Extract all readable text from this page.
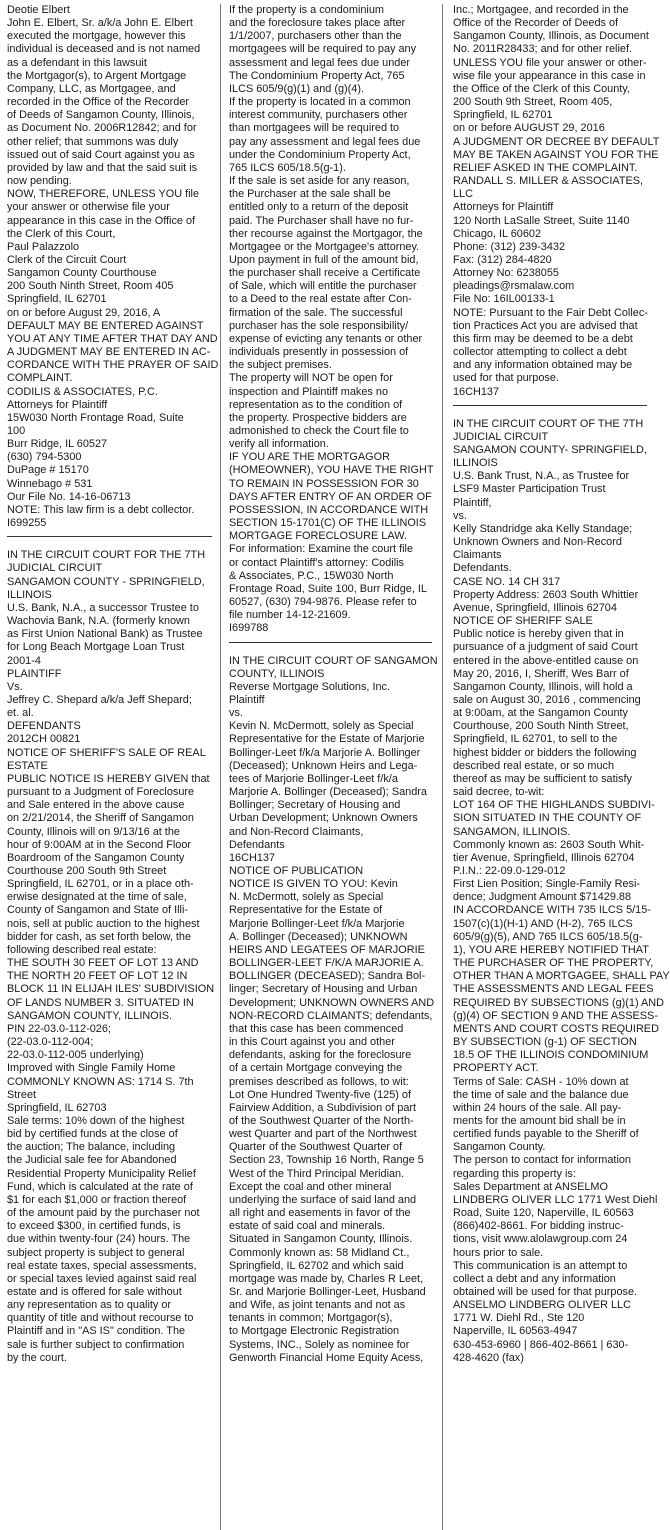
Deotie Elbert
John E. Elbert, Sr. a/k/a John E. Elbert
executed the mortgage, however this
individual is deceased and is not named
as a defendant in this lawsuit
the Mortgagor(s), to Argent Mortgage
Company, LLC, as Mortgagee, and
recorded in the Office of the Recorder
of Deeds of Sangamon County, Illinois,
as Document No. 2006R12842; and for
other relief; that summons was duly
issued out of said Court against you as
provided by law and that the said suit is
now pending.
NOW, THEREFORE, UNLESS YOU file
your answer or otherwise file your
appearance in this case in the Office of
the Clerk of this Court,
Paul Palazzolo
Clerk of the Circuit Court
Sangamon County Courthouse
200 South Ninth Street, Room 405
Springfield, IL 62701
on or before August 29, 2016, A
DEFAULT MAY BE ENTERED AGAINST
YOU AT ANY TIME AFTER THAT DAY AND
A JUDGMENT MAY BE ENTERED IN AC-
CORDANCE WITH THE PRAYER OF SAID
COMPLAINT.
CODILIS & ASSOCIATES, P.C.
Attorneys for Plaintiff
15W030 North Frontage Road, Suite
100
Burr Ridge, IL 60527
(630) 794-5300
DuPage # 15170
Winnebago # 531
Our File No. 14-16-06713
NOTE: This law firm is a debt collector.
I699255
IN THE CIRCUIT COURT FOR THE 7TH
JUDICIAL CIRCUIT
SANGAMON COUNTY - SPRINGFIELD,
ILLINOIS
U.S. Bank, N.A., a successor Trustee to
Wachovia Bank, N.A. (formerly known
as First Union National Bank) as Trustee
for Long Beach Mortgage Loan Trust
2001-4
PLAINTIFF
Vs.
Jeffrey C. Shepard a/k/a Jeff Shepard;
et. al.
DEFENDANTS
2012CH 00821
NOTICE OF SHERIFF'S SALE OF REAL
ESTATE
PUBLIC NOTICE IS HEREBY GIVEN that
pursuant to a Judgment of Foreclosure
and Sale entered in the above cause
on 2/21/2014, the Sheriff of Sangamon
County, Illinois will on 9/13/16 at the
hour of 9:00AM at in the Second Floor
Boardroom of the Sangamon County
Courthouse 200 South 9th Street
Springfield, IL 62701, or in a place oth-
erwise designated at the time of sale,
County of Sangamon and State of Illi-
nois, sell at public auction to the highest
bidder for cash, as set forth below, the
following described real estate:
THE SOUTH 30 FEET OF LOT 13 AND
THE NORTH 20 FEET OF LOT 12 IN
BLOCK 11 IN ELIJAH ILES' SUBDIVISION
OF LANDS NUMBER 3. SITUATED IN
SANGAMON COUNTY, ILLINOIS.
PIN 22-03.0-112-026;
(22-03.0-112-004;
22-03.0-112-005 underlying)
Improved with Single Family Home
COMMONLY KNOWN AS: 1714 S. 7th
Street
Springfield, IL 62703
Sale terms: 10% down of the highest
bid by certified funds at the close of
the auction; The balance, including
the Judicial sale fee for Abandoned
Residential Property Municipality Relief
Fund, which is calculated at the rate of
$1 for each $1,000 or fraction thereof
of the amount paid by the purchaser not
to exceed $300, in certified funds, is
due within twenty-four (24) hours. The
subject property is subject to general
real estate taxes, special assessments,
or special taxes levied against said real
estate and is offered for sale without
any representation as to quality or
quantity of title and without recourse to
Plaintiff and in "AS IS" condition. The
sale is further subject to confirmation
by the court.
If the property is a condominium
and the foreclosure takes place after
1/1/2007, purchasers other than the
mortgagees will be required to pay any
assessment and legal fees due under
The Condominium Property Act, 765
ILCS 605/9(g)(1) and (g)(4).
If the property is located in a common
interest community, purchasers other
than mortgagees will be required to
pay any assessment and legal fees due
under the Condominium Property Act,
765 ILCS 605/18.5(g-1).
If the sale is set aside for any reason,
the Purchaser at the sale shall be
entitled only to a return of the deposit
paid. The Purchaser shall have no fur-
ther recourse against the Mortgagor, the
Mortgagee or the Mortgagee's attorney.
Upon payment in full of the amount bid,
the purchaser shall receive a Certificate
of Sale, which will entitle the purchaser
to a Deed to the real estate after Con-
firmation of the sale. The successful
purchaser has the sole responsibility/
expense of evicting any tenants or other
individuals presently in possession of
the subject premises.
The property will NOT be open for
inspection and Plaintiff makes no
representation as to the condition of
the property. Prospective bidders are
admonished to check the Court file to
verify all information.
IF YOU ARE THE MORTGAGOR
(HOMEOWNER), YOU HAVE THE RIGHT
TO REMAIN IN POSSESSION FOR 30
DAYS AFTER ENTRY OF AN ORDER OF
POSSESSION, IN ACCORDANCE WITH
SECTION 15-1701(C) OF THE ILLINOIS
MORTGAGE FORECLOSURE LAW.
For information: Examine the court file
or contact Plaintiff's attorney: Codilis
& Associates, P.C., 15W030 North
Frontage Road, Suite 100, Burr Ridge, IL
60527, (630) 794-9876. Please refer to
file number 14-12-21609.
I699788
IN THE CIRCUIT COURT OF SANGAMON
COUNTY, ILLINOIS
Reverse Mortgage Solutions, Inc.
Plaintiff
vs.
Kevin N. McDermott, solely as Special
Representative for the Estate of Marjorie
Bollinger-Leet f/k/a Marjorie A. Bollinger
(Deceased); Unknown Heirs and Lega-
tees of Marjorie Bollinger-Leet f/k/a
Marjorie A. Bollinger (Deceased); Sandra
Bollinger; Secretary of Housing and
Urban Development; Unknown Owners
and Non-Record Claimants,
Defendants
16CH137
NOTICE OF PUBLICATION
NOTICE IS GIVEN TO YOU: Kevin
N. McDermott, solely as Special
Representative for the Estate of
Marjorie Bollinger-Leet f/k/a Marjorie
A. Bollinger (Deceased); UNKNOWN
HEIRS AND LEGATEES OF MARJORIE
BOLLINGER-LEET F/K/A MARJORIE A.
BOLLINGER (DECEASED); Sandra Bol-
linger; Secretary of Housing and Urban
Development; UNKNOWN OWNERS AND
NON-RECORD CLAIMANTS; defendants,
that this case has been commenced
in this Court against you and other
defendants, asking for the foreclosure
of a certain Mortgage conveying the
premises described as follows, to wit:
Lot One Hundred Twenty-five (125) of
Fairview Addition, a Subdivision of part
of the Southwest Quarter of the North-
west Quarter and part of the Northwest
Quarter of the Southwest Quarter of
Section 23, Township 16 North, Range 5
West of the Third Principal Meridian.
Except the coal and other mineral
underlying the surface of said land and
all right and easements in favor of the
estate of said coal and minerals.
Situated in Sangamon County, Illinois.
Commonly known as: 58 Midland Ct.,
Springfield, IL 62702 and which said
mortgage was made by, Charles R Leet,
Sr. and Marjorie Bollinger-Leet, Husband
and Wife, as joint tenants and not as
tenants in common; Mortgagor(s),
to Mortgage Electronic Registration
Systems, INC., Solely as nominee for
Genworth Financial Home Equity Acess,
Inc.; Mortgagee, and recorded in the
Office of the Recorder of Deeds of
Sangamon County, Illinois, as Document
No. 2011R28433; and for other relief.
UNLESS YOU file your answer or other-
wise file your appearance in this case in
the Office of the Clerk of this County,
200 South 9th Street, Room 405,
Springfield, IL 62701
on or before AUGUST 29, 2016
A JUDGMENT OR DECREE BY DEFAULT
MAY BE TAKEN AGAINST YOU FOR THE
RELIEF ASKED IN THE COMPLAINT.
RANDALL S. MILLER & ASSOCIATES,
LLC
Attorneys for Plaintiff
120 North LaSalle Street, Suite 1140
Chicago, IL 60602
Phone: (312) 239-3432
Fax: (312) 284-4820
Attorney No: 6238055
pleadings@rsmalaw.com
File No: 16IL00133-1
NOTE: Pursuant to the Fair Debt Collec-
tion Practices Act you are advised that
this firm may be deemed to be a debt
collector attempting to collect a debt
and any information obtained may be
used for that purpose.
16CH137
IN THE CIRCUIT COURT OF THE 7TH
JUDICIAL CIRCUIT
SANGAMON COUNTY- SPRINGFIELD,
ILLINOIS
U.S. Bank Trust, N.A., as Trustee for
LSF9 Master Participation Trust
Plaintiff,
vs.
Kelly Standridge aka Kelly Standage;
Unknown Owners and Non-Record
Claimants
Defendants.
CASE NO. 14 CH 317
Property Address: 2603 South Whittier
Avenue, Springfield, Illinois 62704
NOTICE OF SHERIFF SALE
Public notice is hereby given that in
pursuance of a judgment of said Court
entered in the above-entitled cause on
May 20, 2016, I, Sheriff, Wes Barr of
Sangamon County, Illinois, will hold a
sale on August 30, 2016 , commencing
at 9:00am, at the Sangamon County
Courthouse, 200 South Ninth Street,
Springfield, IL 62701, to sell to the
highest bidder or bidders the following
described real estate, or so much
thereof as may be sufficient to satisfy
said decree, to-wit:
LOT 164 OF THE HIGHLANDS SUBDIVI-
SION SITUATED IN THE COUNTY OF
SANGAMON, ILLINOIS.
Commonly known as: 2603 South Whit-
tier Avenue, Springfield, Illinois 62704
P.I.N.: 22-09.0-129-012
First Lien Position; Single-Family Resi-
dence; Judgment Amount $71429.88
IN ACCORDANCE WITH 735 ILCS 5/15-
1507(c)(1)(H-1) AND (H-2), 765 ILCS
605/9(g)(5), AND 765 ILCS 605/18.5(g-
1), YOU ARE HEREBY NOTIFIED THAT
THE PURCHASER OF THE PROPERTY,
OTHER THAN A MORTGAGEE, SHALL PAY
THE ASSESSMENTS AND LEGAL FEES
REQUIRED BY SUBSECTIONS (g)(1) AND
(g)(4) OF SECTION 9 AND THE ASSESS-
MENTS AND COURT COSTS REQUIRED
BY SUBSECTION (g-1) OF SECTION
18.5 OF THE ILLINOIS CONDOMINIUM
PROPERTY ACT.
Terms of Sale: CASH - 10% down at
the time of sale and the balance due
within 24 hours of the sale. All pay-
ments for the amount bid shall be in
certified funds payable to the Sheriff of
Sangamon County.
The person to contact for information
regarding this property is:
Sales Department at ANSELMO
LINDBERG OLIVER LLC 1771 West Diehl
Road, Suite 120, Naperville, IL 60563
(866)402-8661. For bidding instruc-
tions, visit www.alolawgroup.com 24
hours prior to sale.
This communication is an attempt to
collect a debt and any information
obtained will be used for that purpose.
ANSELMO LINDBERG OLIVER LLC
1771 W. Diehl Rd., Ste 120
Naperville, IL 60563-4947
630-453-6960 | 866-402-8661 | 630-
428-4620 (fax)
